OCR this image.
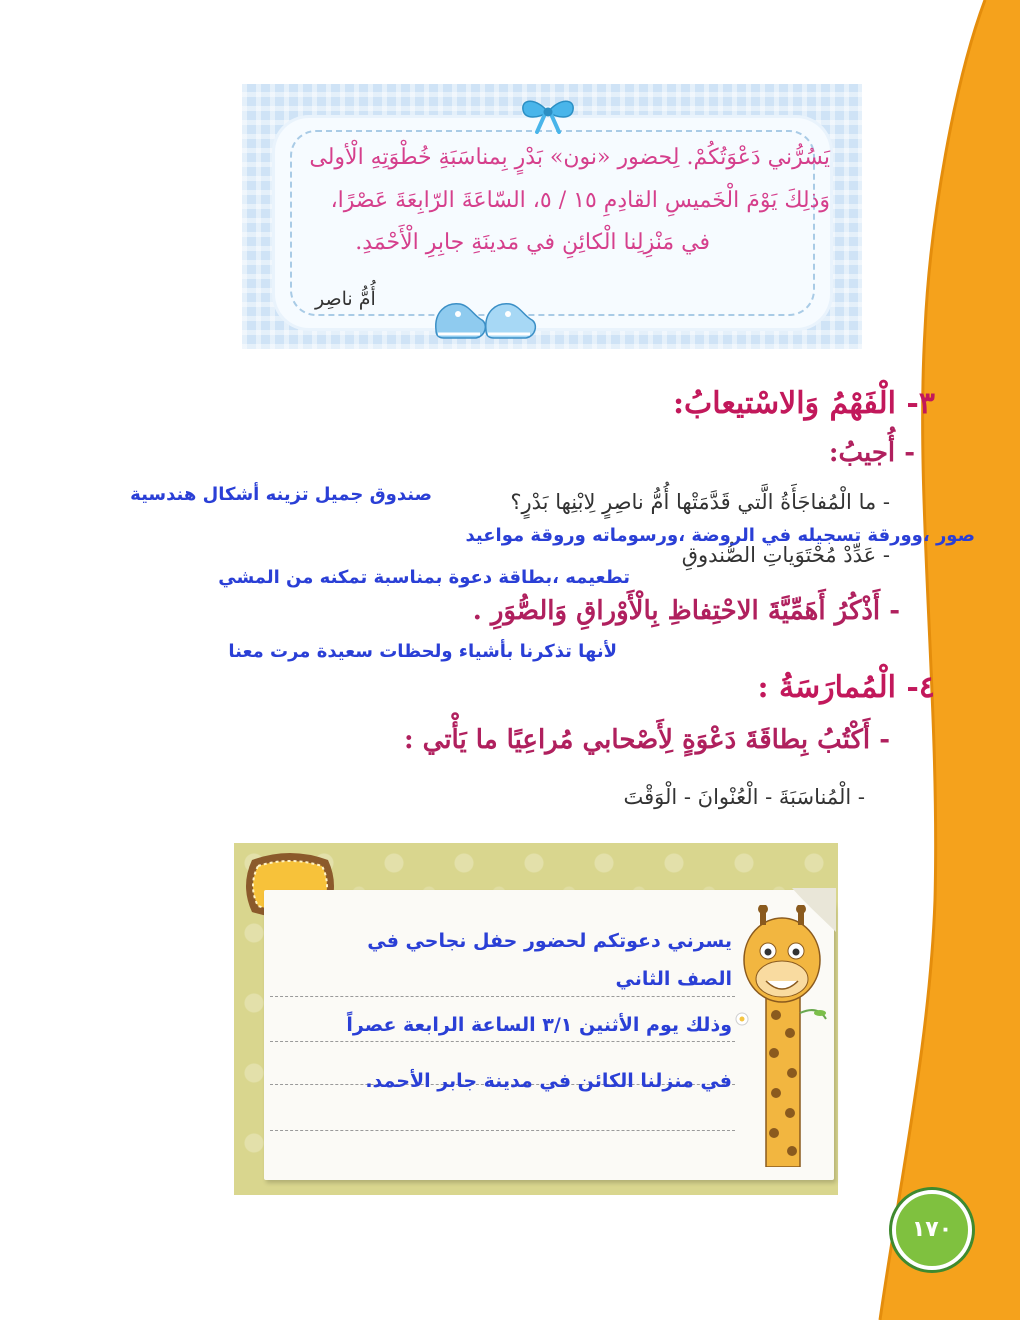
يَسُرُّني دَعْوَتُكُمْ. لِحضور «نون» بَدْرٍ بِمناسَبَةِ خُطْوَتِهِ الْأولى
وَذلِكَ يَوْمَ الْخَميسِ القادِمِ ١٥ / ٥، السّاعَةَ الرّابِعَةَ عَصْرًا،
في مَنْزِلِنا الْكائِنِ في مَدينَةِ جابِرِ الْأَحْمَدِ.
أُمُّ ناصِر
٣- الْفَهْمُ وَالاسْتيعابُ:
- أُجيبُ:
- ما الْمُفاجَأَةُ الَّتي قَدَّمَتْها أُمُّ ناصِرٍ لِابْنِها بَدْرٍ؟
صندوق جميل تزينه أشكال هندسية
- عَدِّدْ مُحْتَوَياتِ الصُّندوقِ
صور ،وورقة تسجيله في الروضة ،ورسوماته وروقة مواعيد
تطعيمه ،بطاقة دعوة بمناسبة تمكنه من المشي
- أَذْكُرُ أَهَمِّيَّةَ الاحْتِفاظِ بِالْأَوْراقِ وَالصُّوَرِ .
لأنها تذكرنا بأشياء ولحظات سعيدة مرت معنا
٤- الْمُمارَسَةُ :
- أَكْتُبُ بِطاقَةَ دَعْوَةٍ لِأَصْحابي مُراعِيًا ما يَأْتي :
- الْمُناسَبَةَ - الْعُنْوانَ - الْوَقْتَ
يسرني دعوتكم لحضور حفل نجاحي في
الصف الثاني
وذلك يوم الأثنين ٣/١ الساعة الرابعة عصراً
في منزلنا الكائن في مدينة جابر الأحمد.
١٧٠
